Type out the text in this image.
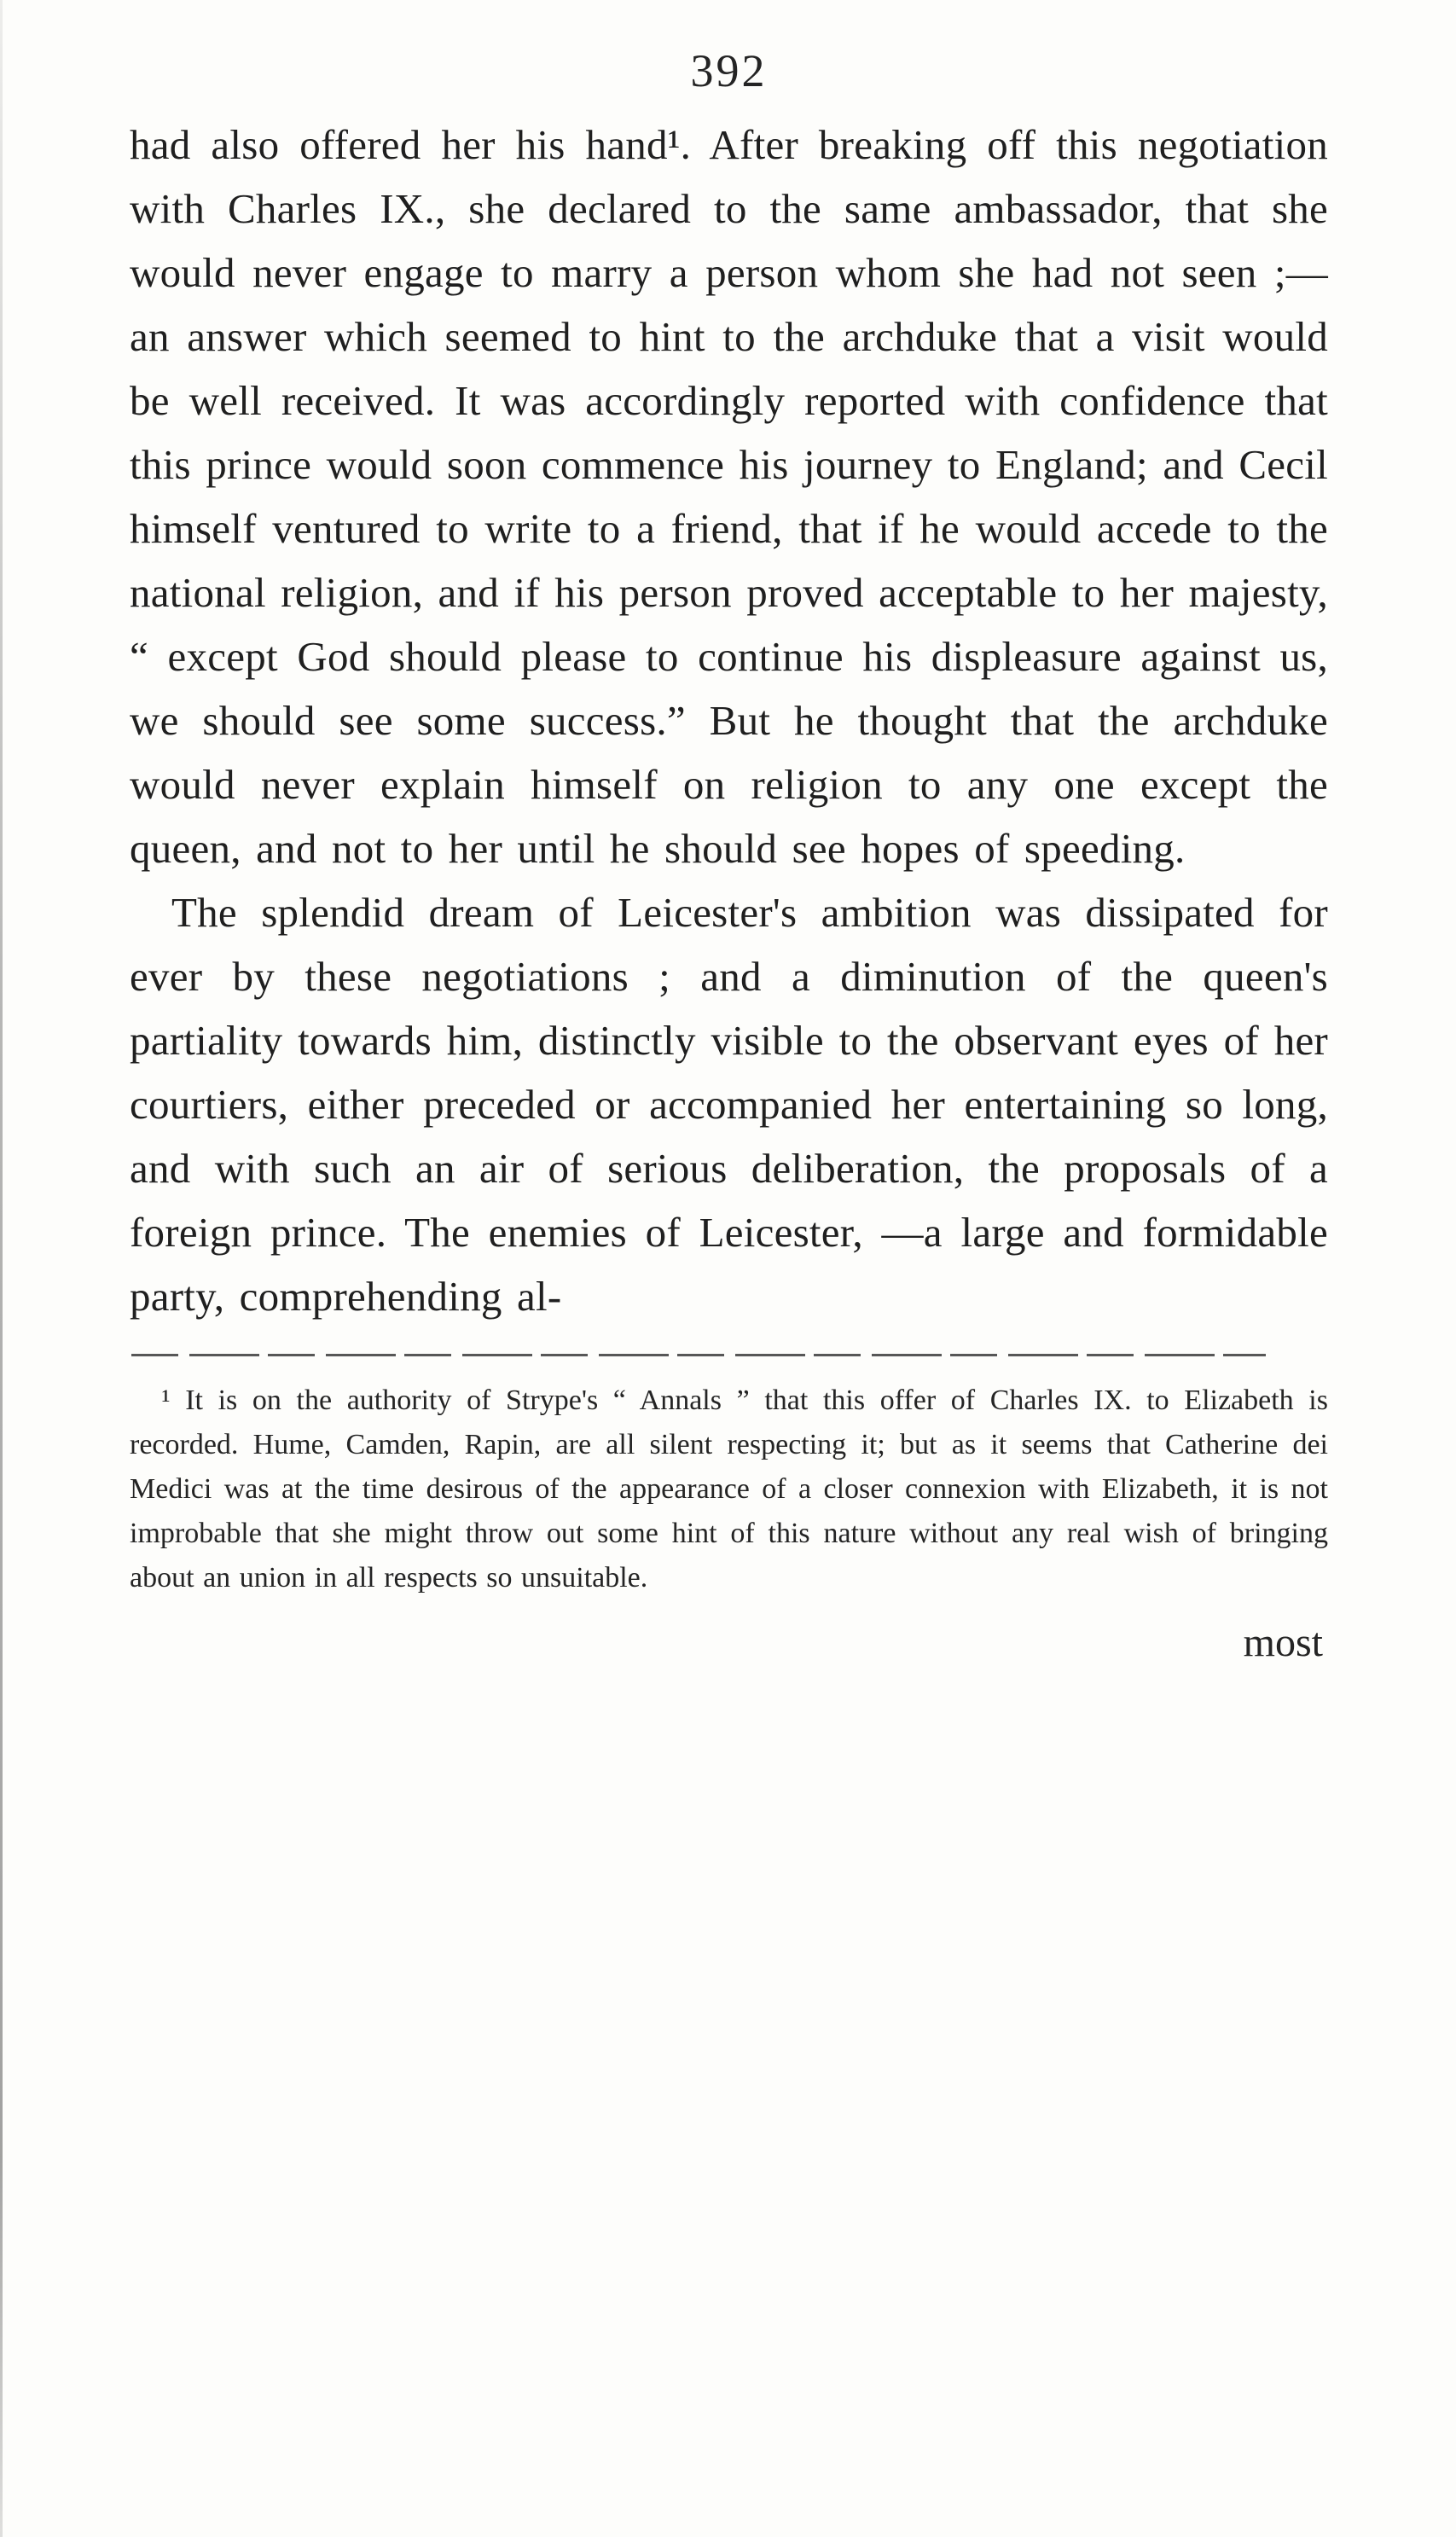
392

had also offered her his hand¹. After breaking off this negotiation with Charles IX., she declared to the same ambassador, that she would never engage to marry a person whom she had not seen ;—an answer which seemed to hint to the archduke that a visit would be well received. It was accordingly reported with confidence that this prince would soon commence his journey to England; and Cecil himself ventured to write to a friend, that if he would accede to the national religion, and if his person proved acceptable to her majesty, “ except God should please to continue his displeasure against us, we should see some success.” But he thought that the archduke would never explain himself on religion to any one except the queen, and not to her until he should see hopes of speeding.

The splendid dream of Leicester's ambition was dissipated for ever by these negotiations ; and a diminution of the queen's partiality towards him, distinctly visible to the observant eyes of her courtiers, either preceded or accompanied her entertaining so long, and with such an air of serious deliberation, the proposals of a foreign prince. The enemies of Leicester, —a large and formidable party, comprehending al-

¹ It is on the authority of Strype's “ Annals ” that this offer of Charles IX. to Elizabeth is recorded. Hume, Camden, Rapin, are all silent respecting it; but as it seems that Catherine dei Medici was at the time desirous of the appearance of a closer connexion with Elizabeth, it is not improbable that she might throw out some hint of this nature without any real wish of bringing about an union in all respects so unsuitable.

most
